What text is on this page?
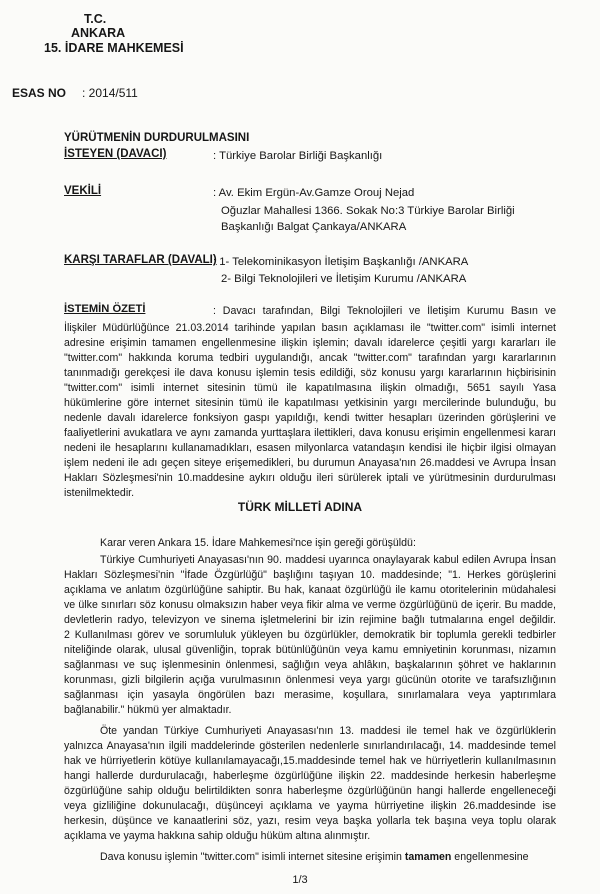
T.C.
ANKARA
15. İDARE MAHKEMESİ
ESAS NO : 2014/511
YÜRÜTMENİN DURDURULMASINI
İSTEYEN (DAVACI)	: Türkiye Barolar Birliği Başkanlığı
VEKİLİ	: Av. Ekim Ergün-Av.Gamze Orouj Nejad
Oğuzlar Mahallesi 1366. Sokak No:3 Türkiye Barolar Birliği
Başkanlığı Balgat Çankaya/ANKARA
KARŞI TARAFLAR (DAVALI)
: 1- Telekominikasyon İletişim Başkanlığı /ANKARA
2- Bilgi Teknolojileri ve İletişim Kurumu /ANKARA
İSTEMİN ÖZETİ	: Davacı tarafından, Bilgi Teknolojileri ve İletişim Kurumu Basın ve
İlişkiler Müdürlüğünce 21.03.2014 tarihinde yapılan basın açıklaması ile "twitter.com" isimli internet
adresine erişimin tamamen engellenmesine ilişkin işlemin; davalı idarelerce çeşitli yargı kararları ile
"twitter.com" hakkında koruma tedbiri uygulandığı, ancak "twitter.com" tarafından yargı kararlarının
tanınmadığı gerekçesi ile dava konusu işlemin tesis edildiği, söz konusu yargı kararlarının hiçbirisinin
"twitter.com" isimli internet sitesinin tümü ile kapatılmasına ilişkin olmadığı, 5651 sayılı Yasa
hükümlerine göre internet sitesinin tümü ile kapatılması yetkisinin yargı mercilerinde bulunduğu, bu
nedenle davalı idarelerce fonksiyon gaspı yapıldığı, kendi twitter hesapları üzerinden görüşlerini ve
faaliyetlerini avukatlara ve aynı zamanda yurttaşlara ilettikleri, dava konusu erişimin engellenmesi kararı
nedeni ile hesaplarını kullanamadıkları, esasen milyonlarca vatandaşın kendisi ile hiçbir ilgisi olmayan
işlem nedeni ile adı geçen siteye erişemedikleri, bu durumun Anayasa'nın 26.maddesi ve Avrupa İnsan
Hakları Sözleşmesi'nin 10.maddesine aykırı olduğu ileri sürülerek iptali ve yürütmesinin durdurulması
istenilmektedir.
TÜRK MİLLETİ ADINA
Karar veren Ankara 15. İdare Mahkemesi'nce işin gereği görüşüldü:
Türkiye Cumhuriyeti Anayasası'nın 90. maddesi uyarınca onaylayarak kabul edilen Avrupa İnsan
Hakları Sözleşmesi'nin "İfade Özgürlüğü" başlığını taşıyan 10. maddesinde; "1. Herkes görüşlerini
açıklama ve anlatım özgürlüğüne sahiptir. Bu hak, kanaat özgürlüğü ile kamu otoritelerinin müdahalesi
ve ülke sınırları söz konusu olmaksızın haber veya fikir alma ve verme özgürlüğünü de içerir. Bu madde,
devletlerin radyo, televizyon ve sinema işletmelerini bir izin rejimine bağlı tutmalarına engel değildir.
2 Kullanılması görev ve sorumluluk yükleyen bu özgürlükler, demokratik bir toplumla gerekli tedbirler
niteliğinde olarak, ulusal güvenliğin, toprak bütünlüğünün veya kamu emniyetinin korunması, nizamın
sağlanması ve suç işlenmesinin önlenmesi, sağlığın veya ahlâkın, başkalarının şöhret ve haklarının
korunması, gizli bilgilerin açığa vurulmasının önlenmesi veya yargı gücünün otorite ve tarafsızlığının
sağlanması için yasayla öngörülen bazı merasime, koşullara, sınırlamalara veya yaptırımlara
bağlanabilir." hükmü yer almaktadır.
Öte yandan Türkiye Cumhuriyeti Anayasası'nın 13. maddesi ile temel hak ve özgürlüklerin
yalnızca Anayasa'nın ilgili maddelerinde gösterilen nedenlerle sınırlandırılacağı, 14. maddesinde temel
hak ve hürriyetlerin kötüye kullanılamayacağı,15.maddesinde temel hak ve hürriyetlerin kullanılmasının
hangi hallerde durdurulacağı, haberleşme özgürlüğüne ilişkin 22. maddesinde herkesin haberleşme
özgürlüğüne sahip olduğu belirtildikten sonra haberleşme özgürlüğünün hangi hallerde engelleneceği
veya gizliliğine dokunulacağı, düşünceyi açıklama ve yayma hürriyetine ilişkin 26.maddesinde ise
herkesin, düşünce ve kanaatlerini söz, yazı, resim veya başka yollarla tek başına veya toplu olarak
açıklama ve yayma hakkına sahip olduğu hüküm altına alınmıştır.
Dava konusu işlemin "twitter.com" isimli internet sitesine erişimin tamamen engellenmesine
1/3
